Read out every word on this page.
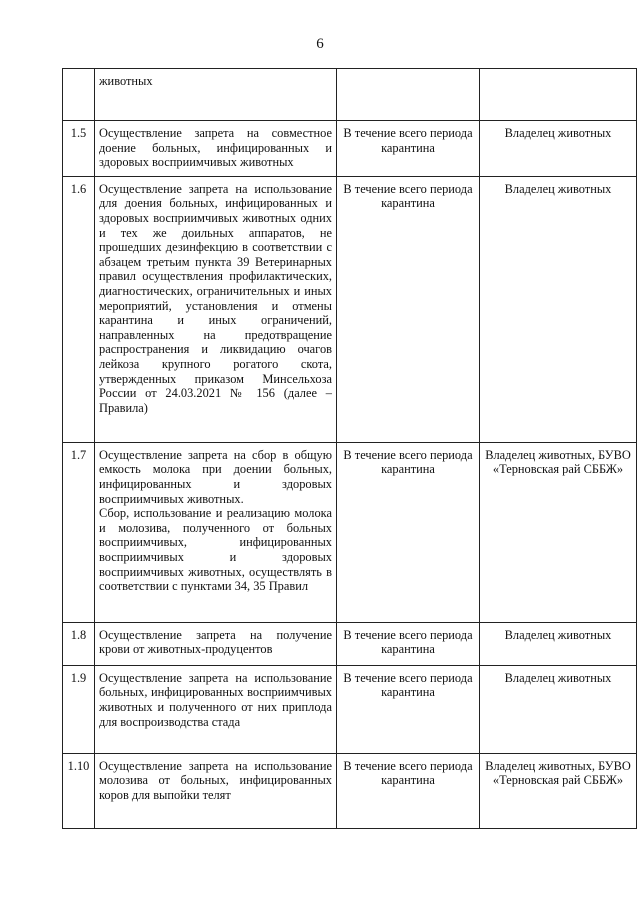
6

	животных		

1.5	Осуществление запрета на совместное доение больных, инфицированных и здоровых восприимчивых животных	В течение всего периода карантина	Владелец животных
1.6	Осуществление запрета на использование для доения больных, инфицированных и здоровых восприимчивых животных одних и тех же доильных аппаратов, не прошедших дезинфекцию в соответствии с абзацем третьим пункта 39 Ветеринарных правил осуществления профилактических, диагностических, ограничительных и иных мероприятий, установления и отмены карантина и иных ограничений, направленных на предотвращение распространения и ликвидацию очагов лейкоза крупного рогатого скота, утвержденных приказом Минсельхоза России от 24.03.2021 № 156 (далее – Правила)	В течение всего периода карантина	Владелец животных
1.7	Осуществление запрета на сбор в общую емкость молока при доении больных, инфицированных и здоровых восприимчивых животных.
Сбор, использование и реализацию молока и молозива, полученного от больных восприимчивых, инфицированных восприимчивых и здоровых восприимчивых животных, осуществлять в соответствии с пунктами 34, 35 Правил	В течение всего периода карантина	Владелец животных, БУВО «Терновская рай СББЖ»
1.8	Осуществление запрета на получение крови от животных-продуцентов	В течение всего периода карантина	Владелец животных
1.9	Осуществление запрета на использование больных, инфицированных восприимчивых животных и полученного от них приплода для воспроизводства стада	В течение всего периода карантина	Владелец животных
1.10	Осуществление запрета на использование молозива от больных, инфицированных коров для выпойки телят	В течение всего периода карантина	Владелец животных, БУВО «Терновская рай СББЖ»
